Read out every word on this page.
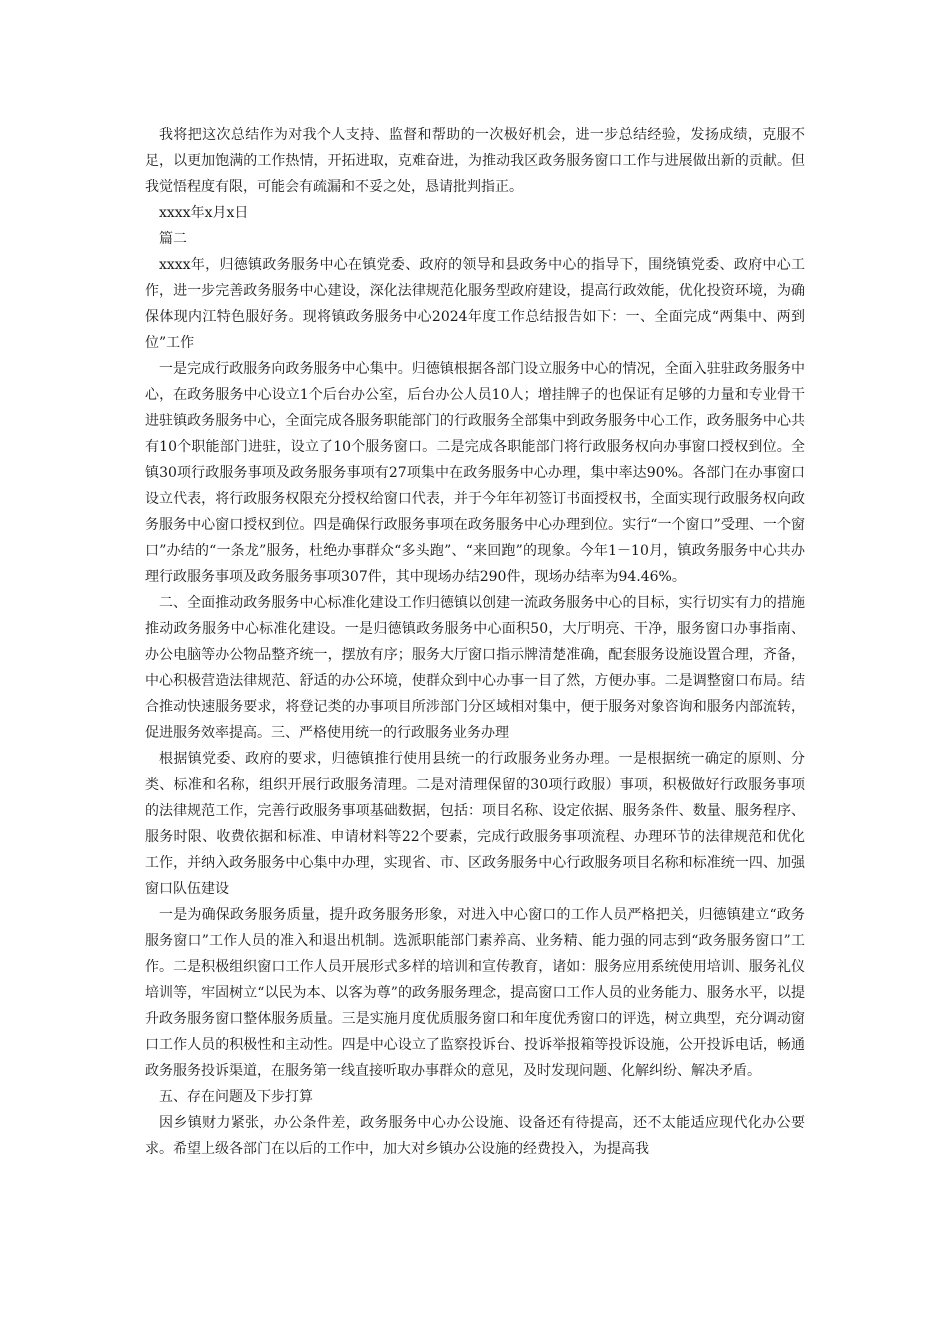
我将把这次总结作为对我个人支持、监督和帮助的一次极好机会，进一步总结经验，发扬成绩，克服不足，以更加饱满的工作热情，开拓进取，克难奋进，为推动我区政务服务窗口工作与进展做出新的贡献。但我觉悟程度有限，可能会有疏漏和不妥之处，恳请批判指正。

xxxx年x月x日

篇二

xxxx年，归德镇政务服务中心在镇党委、政府的领导和县政务中心的指导下，围绕镇党委、政府中心工作，进一步完善政务服务中心建设，深化法律规范化服务型政府建设，提高行政效能，优化投资环境，为确保体现内江特色服好务。现将镇政务服务中心2024年度工作总结报告如下：一、全面完成“两集中、两到位”工作

一是完成行政服务向政务服务中心集中。归德镇根据各部门设立服务中心的情况，全面入驻驻政务服务中心，在政务服务中心设立1个后台办公室，后台办公人员10人；增挂牌子的也保证有足够的力量和专业骨干进驻镇政务服务中心，全面完成各服务职能部门的行政服务全部集中到政务服务中心工作，政务服务中心共有10个职能部门进驻，设立了10个服务窗口。二是完成各职能部门将行政服务权向办事窗口授权到位。全镇30项行政服务事项及政务服务事项有27项集中在政务服务中心办理，集中率达90%。各部门在办事窗口设立代表，将行政服务权限充分授权给窗口代表，并于今年年初签订书面授权书，全面实现行政服务权向政务服务中心窗口授权到位。四是确保行政服务事项在政务服务中心办理到位。实行“一个窗口”受理、一个窗口”办结的“一条龙”服务，杜绝办事群众“多头跑”、“来回跑”的现象。今年1－10月，镇政务服务中心共办理行政服务事项及政务服务事项307件，其中现场办结290件，现场办结率为94.46%。

二、全面推动政务服务中心标准化建设工作归德镇以创建一流政务服务中心的目标，实行切实有力的措施推动政务服务中心标准化建设。一是归德镇政务服务中心面积50，大厅明亮、干净，服务窗口办事指南、办公电脑等办公物品整齐统一，摆放有序；服务大厅窗口指示牌清楚准确，配套服务设施设置合理，齐备，中心积极营造法律规范、舒适的办公环境，使群众到中心办事一目了然，方便办事。二是调整窗口布局。结合推动快速服务要求，将登记类的办事项目所涉部门分区域相对集中，便于服务对象咨询和服务内部流转，促进服务效率提高。三、严格使用统一的行政服务业务办理

根据镇党委、政府的要求，归德镇推行使用县统一的行政服务业务办理。一是根据统一确定的原则、分类、标准和名称，组织开展行政服务清理。二是对清理保留的30项行政服）事项，积极做好行政服务事项的法律规范工作，完善行政服务事项基础数据，包括：项目名称、设定依据、服务条件、数量、服务程序、服务时限、收费依据和标准、申请材料等22个要素，完成行政服务事项流程、办理环节的法律规范和优化工作，并纳入政务服务中心集中办理，实现省、市、区政务服务中心行政服务项目名称和标准统一四、加强窗口队伍建设

一是为确保政务服务质量，提升政务服务形象，对进入中心窗口的工作人员严格把关，归德镇建立“政务服务窗口”工作人员的准入和退出机制。选派职能部门素养高、业务精、能力强的同志到“政务服务窗口”工作。二是积极组织窗口工作人员开展形式多样的培训和宣传教育，诸如：服务应用系统使用培训、服务礼仪培训等，牢固树立“以民为本、以客为尊”的政务服务理念，提高窗口工作人员的业务能力、服务水平，以提升政务服务窗口整体服务质量。三是实施月度优质服务窗口和年度优秀窗口的评选，树立典型，充分调动窗口工作人员的积极性和主动性。四是中心设立了监察投诉台、投诉举报箱等投诉设施，公开投诉电话，畅通政务服务投诉渠道，在服务第一线直接听取办事群众的意见，及时发现问题、化解纠纷、解决矛盾。

五、存在问题及下步打算

因乡镇财力紧张，办公条件差，政务服务中心办公设施、设备还有待提高，还不太能适应现代化办公要求。希望上级各部门在以后的工作中，加大对乡镇办公设施的经费投入，为提高我
